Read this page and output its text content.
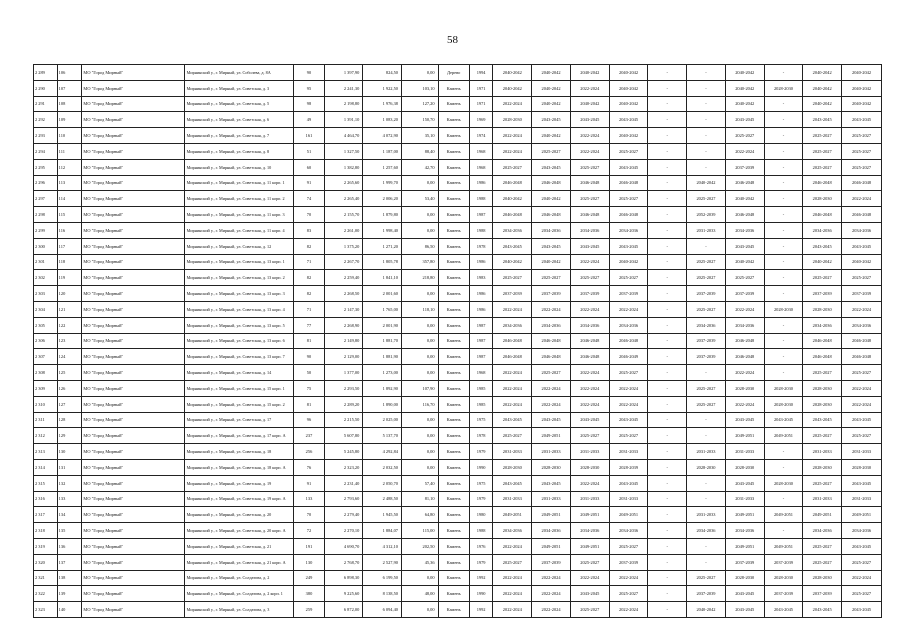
58
2 289	106	МО "Город Мирный"	Мирнинский у., г. Мирный, ул. Соболева, д. 8А	90	1 397,90	824,50	0,00	Дерево	1994	2040-2042	2040-2042	2040-2042	2040-2042	-	-	2040-2042	-	2040-2042	2040-2042
2 290	107	МО "Город Мирный"	Мирнинский у., г. Мирный, ул. Советская, д. 3	95	2 241,30	1 922,50	103,10	Камень	1971	2040-2042	2040-2042	2022-2024	2040-2042	-	-	2040-2042	2028-2030	2040-2042	2040-2042
2 291	108	МО "Город Мирный"	Мирнинский у., г. Мирный, ул. Советская, д. 5	98	2 198,80	1 976,38	127,20	Камень	1971	2022-2024	2040-2042	2040-2042	2040-2042	-	-	2040-2042	-	2040-2042	2040-2042
2 292	109	МО "Город Мирный"	Мирнинский у., г. Мирный, ул. Советская, д. 6	49	1 391,10	1 083,20	150,70	Камень	1969	2028-2030	2043-2045	2043-2045	2043-2045	-	-	2043-2045	-	2043-2045	2043-2045
2 293	110	МО "Город Мирный"	Мирнинский у., г. Мирный, ул. Советская, д. 7	161	4 464,70	4 072,90	35,10	Камень	1974	2022-2024	2040-2042	2022-2024	2040-2042	-	-	2025-2027	-	2025-2027	2025-2027
2 294	111	МО "Город Мирный"	Мирнинский у., г. Мирный, ул. Советская, д. 8	51	1 327,50	1 187,00	88,40	Камень	1968	2022-2024	2025-2027	2022-2024	2025-2027	-	-	2022-2024	-	2025-2027	2025-2027
2 295	112	МО "Город Мирный"	Мирнинский у., г. Мирный, ул. Советская, д. 10	60	1 382,80	1 257,60	42,70	Камень	1968	2025-2027	2043-2045	2025-2027	2043-2045	-	-	2037-2039	-	2025-2027	2025-2027
2 296	113	МО "Город Мирный"	Мирнинский у., г. Мирный, ул. Советская, д. 11 корп. 1	91	2 265,60	1 999,70	0,00	Камень	1986	2046-2048	2046-2048	2046-2048	2046-2048	-	2040-2042	2046-2048	-	2046-2048	2046-2048
2 297	114	МО "Город Мирный"	Мирнинский у., г. Мирный, ул. Советская, д. 11 корп. 2	74	2 265,40	2 006,20	53,40	Камень	1988	2040-2042	2040-2042	2025-2027	2025-2027	-	2025-2027	2040-2042	-	2028-2030	2022-2024
2 298	115	МО "Город Мирный"	Мирнинский у., г. Мирный, ул. Советская, д. 11 корп. 3	70	2 155,70	1 879,80	0,00	Камень	1987	2046-2048	2046-2048	2046-2048	2046-2048	-	2052-2039	2046-2048	-	2046-2048	2046-2048
2 299	116	МО "Город Мирный"	Мирнинский у., г. Мирный, ул. Советская, д. 11 корп. 4	83	2 261,00	1 998,40	0,00	Камень	1988	2034-2036	2034-2036	2034-2036	2034-2036	-	2031-2033	2034-2036	-	2034-2036	2034-2036
2 300	117	МО "Город Мирный"	Мирнинский у., г. Мирный, ул. Советская, д. 12	82	1 375,20	1 271,20	86,50	Камень	1978	2043-2045	2043-2045	2043-2045	2043-2045	-	-	2043-2045	-	2043-2045	2043-2045
2 301	118	МО "Город Мирный"	Мирнинский у., г. Мирный, ул. Советская, д. 13 корп. 1	71	2 267,70	1 805,78	357,80	Камень	1986	2040-2042	2040-2042	2022-2024	2040-2042	-	2025-2027	2040-2042	-	2040-2042	2040-2042
2 302	119	МО "Город Мирный"	Мирнинский у., г. Мирный, ул. Советская, д. 13 корп. 2	82	2 259,40	1 841,10	218,80	Камень	1983	2025-2027	2025-2027	2025-2027	2025-2027	-	2025-2027	2025-2027	-	2025-2027	2025-2027
2 303	120	МО "Город Мирный"	Мирнинский у., г. Мирный, ул. Советская, д. 13 корп. 3	82	2 268,50	2 001,60	0,00	Камень	1986	2037-2039	2037-2039	2037-2039	2037-2039	-	2037-2039	2037-2039	-	2037-2039	2037-2039
2 304	121	МО "Город Мирный"	Мирнинский у., г. Мирный, ул. Советская, д. 13 корп. 4	71	2 147,30	1 765,00	118,10	Камень	1986	2022-2024	2022-2024	2022-2024	2022-2024	-	2025-2027	2022-2024	2028-2030	2028-2030	2022-2024
2 305	122	МО "Город Мирный"	Мирнинский у., г. Мирный, ул. Советская, д. 13 корп. 5	77	2 268,90	2 001,90	0,00	Камень	1987	2034-2036	2034-2036	2034-2036	2034-2036	-	2034-2036	2034-2036	-	2034-2036	2034-2036
2 306	123	МО "Город Мирный"	Мирнинский у., г. Мирный, ул. Советская, д. 13 корп. 6	81	2 149,80	1 881,70	0,00	Камень	1987	2046-2048	2046-2048	2046-2048	2046-2048	-	2037-2039	2046-2048	-	2046-2048	2046-2048
2 307	124	МО "Город Мирный"	Мирнинский у., г. Мирный, ул. Советская, д. 13 корп. 7	90	2 129,00	1 881,90	0,00	Камень	1987	2046-2048	2046-2048	2046-2048	2046-2049	-	2037-2039	2046-2048	-	2046-2048	2046-2048
2 308	125	МО "Город Мирный"	Мирнинский у., г. Мирный, ул. Советская, д. 14	50	1 377,00	1 273,00	0,00	Камень	1968	2022-2024	2025-2027	2022-2024	2025-2027	-	-	2022-2024	-	2025-2027	2025-2027
2 309	126	МО "Город Мирный"	Мирнинский у., г. Мирный, ул. Советская, д. 15 корп. 1	75	2 293,50	1 892,90	107,90	Камень	1985	2022-2024	2022-2024	2022-2024	2022-2024	-	2025-2027	2028-2030	2028-2030	2028-2030	2022-2024
2 310	127	МО "Город Мирный"	Мирнинский у., г. Мирный, ул. Советская, д. 15 корп. 2	81	2 289,20	1 890,00	116,70	Камень	1985	2022-2024	2022-2024	2022-2024	2022-2024	-	2025-2027	2022-2024	2028-2030	2028-2030	2022-2024
2 311	128	МО "Город Мирный"	Мирнинский у., г. Мирный, ул. Советская, д. 17	96	2 215,50	2 025,00	0,00	Камень	1975	2043-2045	2043-2045	2043-2045	2043-2045	-	-	2043-2045	2043-2045	2043-2045	2043-2045
2 312	129	МО "Город Мирный"	Мирнинский у., г. Мирный, ул. Советская, д. 17 корп. А	237	5 607,80	5 137,70	0,00	Камень	1978	2025-2027	2049-2051	2025-2027	2025-2027	-	-	2049-2051	2049-2051	2025-2027	2025-2027
2 313	130	МО "Город Мирный"	Мирнинский у., г. Мирный, ул. Советская, д. 18	256	5 245,80	4 292,84	0,00	Камень	1979	2031-2033	2031-2033	2031-2033	2031-2033	-	2031-2033	2031-2033	-	2031-2033	2031-2033
2 314	131	МО "Город Мирный"	Мирнинский у., г. Мирный, ул. Советская, д. 18 корп. А	76	2 323,20	2 032,50	0,00	Камень	1990	2028-2030	2028-2030	2028-2030	2028-2039	-	2028-2030	2028-2030	-	2028-2030	2028-2030
2 315	132	МО "Город Мирный"	Мирнинский у., г. Мирный, ул. Советская, д. 19	91	2 231,40	2 050,70	57,40	Камень	1975	2043-2045	2043-2045	2022-2024	2043-2045	-	-	2043-2045	2028-2030	2025-2027	2043-2045
2 316	133	МО "Город Мирный"	Мирнинский у., г. Мирный, ул. Советская, д. 19 корп. А	133	2 793,60	2 488,50	81,10	Камень	1979	2031-2033	2031-2033	2031-2033	2031-2033	-	-	2031-2033	-	2031-2033	2031-2033
2 317	134	МО "Город Мирный"	Мирнинский у., г. Мирный, ул. Советская, д. 20	70	2 279,40	1 945,50	64,80	Камень	1980	2049-2051	2049-2051	2049-2051	2049-2051	-	2031-2033	2049-2051	2049-2051	2049-2051	2049-2051
2 318	135	МО "Город Мирный"	Мирнинский у., г. Мирный, ул. Советская, д. 20 корп. А	72	2 270,10	1 884,07	115,00	Камень	1988	2034-2036	2034-2036	2034-2036	2034-2036	-	2034-2036	2034-2036	-	2034-2036	2034-2036
2 319	136	МО "Город Мирный"	Мирнинский у., г. Мирный, ул. Советская, д. 21	191	4 690,70	4 312,10	202,50	Камень	1976	2022-2024	2049-2051	2049-2051	2025-2027	-	-	2049-2051	2049-2051	2025-2027	2043-2045
2 320	137	МО "Город Мирный"	Мирнинский у., г. Мирный, ул. Советская, д. 21 корп. А	130	2 768,70	2 527,90	45,36	Камень	1979	2025-2027	2037-2039	2025-2027	2037-2039	-	-	2037-2039	2037-2039	2025-2027	2025-2027
2 321	138	МО "Город Мирный"	Мирнинский у., г. Мирный, ул. Солдатова, д. 2	249	6 898,30	6 199,50	0,00	Камень	1992	2022-2024	2022-2024	2022-2024	2022-2024	-	2025-2027	2028-2030	2028-2030	2028-2030	2022-2024
2 322	139	МО "Город Мирный"	Мирнинский у., г. Мирный, ул. Солдатова, д. 2 корп. 1	380	9 225,60	8 138,50	48,00	Камень	1990	2022-2024	2022-2024	2043-2045	2025-2027	-	2037-2039	2043-2045	2037-2039	2037-2039	2025-2027
2 323	140	МО "Город Мирный"	Мирнинский у., г. Мирный, ул. Солдатова, д. 3	259	6 872,00	6 094,40	0,00	Камень	1992	2022-2024	2022-2024	2025-2027	2022-2024	-	2040-2042	2043-2045	2043-2045	2043-2045	2043-2045
